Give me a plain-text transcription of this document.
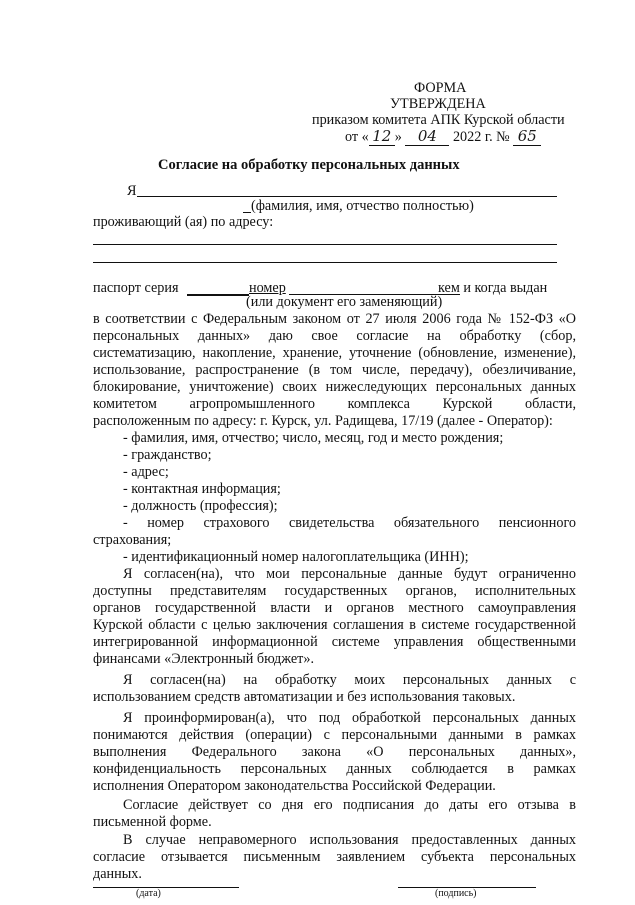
ФОРМА
УТВЕРЖДЕНА
приказом комитета АПК Курской области
от « 12 » 04 2022 г. № 65
Согласие на обработку персональных данных
Я
(фамилия, имя, отчество полностью)
проживающий (ая) по адресу:
паспорт серия	номер	кем и когда выдан
(или документ его заменяющий)
в соответствии с Федеральным законом от 27 июля 2006 года № 152-ФЗ «О
персональных данных» даю свое согласие на обработку (сбор,
систематизацию, накопление, хранение, уточнение (обновление, изменение),
использование, распространение (в том числе, передачу), обезличивание,
блокирование, уничтожение) своих нижеследующих персональных данных
комитетом агропромышленного комплекса Курской области,
расположенным по адресу: г. Курск, ул. Радищева, 17/19 (далее - Оператор):
- фамилия, имя, отчество; число, месяц, год и место рождения;
- гражданство;
- адрес;
- контактная информация;
- должность (профессия);
- номер страхового свидетельства обязательного пенсионного
страхования;
- идентификационный номер налогоплательщика (ИНН);
Я согласен(на), что мои персональные данные будут ограниченно
доступны представителям государственных органов, исполнительных
органов государственной власти и органов местного самоуправления
Курской области с целью заключения соглашения в системе государственной
интегрированной информационной системе управления общественными
финансами «Электронный бюджет».
Я согласен(на) на обработку моих персональных данных с
использованием средств автоматизации и без использования таковых.
Я проинформирован(а), что под обработкой персональных данных
понимаются действия (операции) с персональными данными в рамках
выполнения Федерального закона «О персональных данных»,
конфиденциальность персональных данных соблюдается в рамках
исполнения Оператором законодательства Российской Федерации.
Согласие действует со дня его подписания до даты его отзыва в
письменной форме.
В случае неправомерного использования предоставленных данных
согласие отзывается письменным заявлением субъекта персональных
данных.
(дата)	(подпись)
